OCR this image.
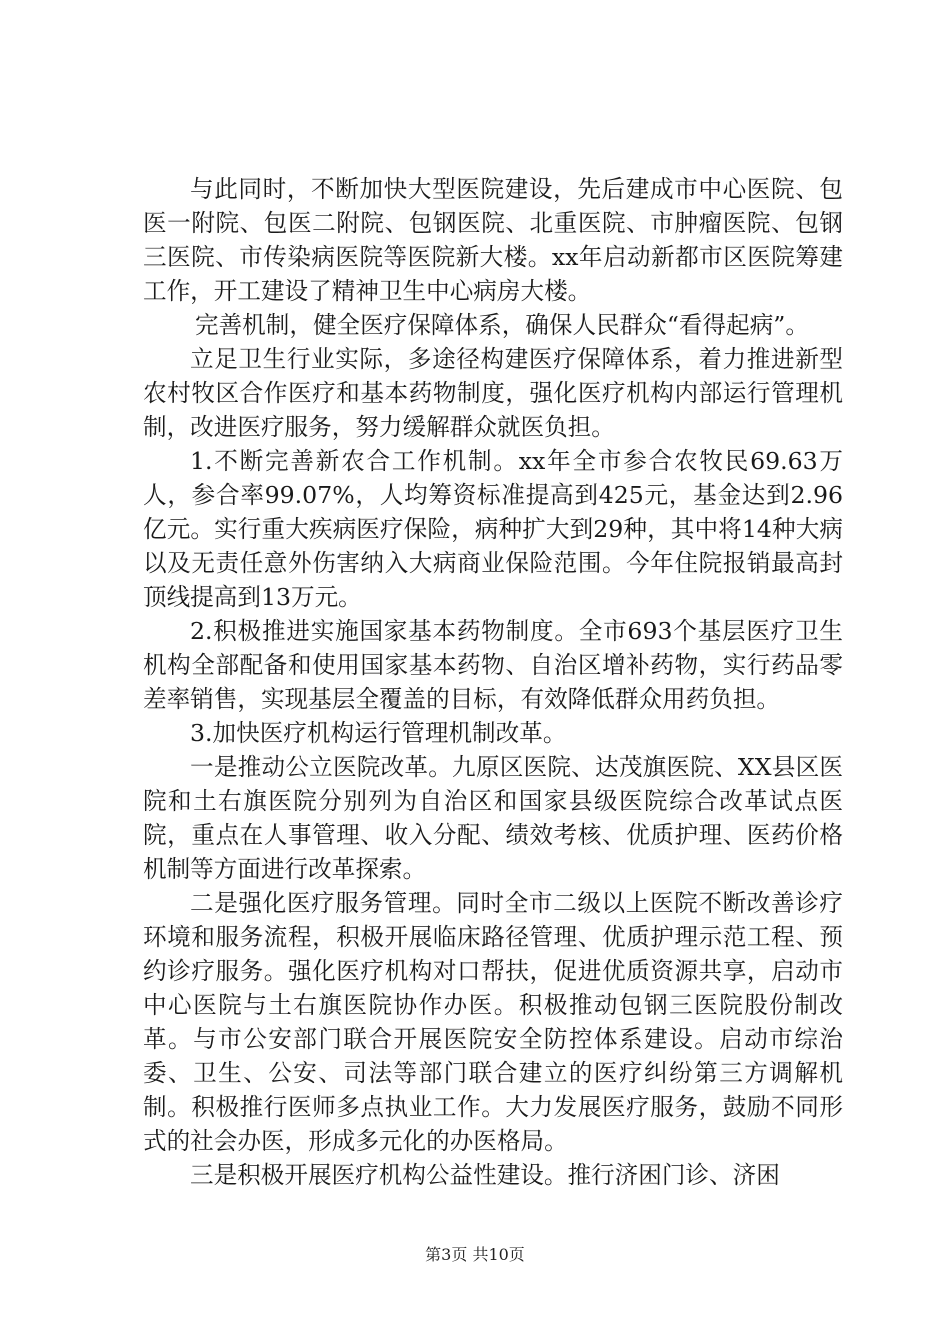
与此同时，不断加快大型医院建设，先后建成市中心医院、包医一附院、包医二附院、包钢医院、北重医院、市肿瘤医院、包钢三医院、市传染病医院等医院新大楼。xx年启动新都市区医院筹建工作，开工建设了精神卫生中心病房大楼。

完善机制，健全医疗保障体系，确保人民群众“看得起病”。

立足卫生行业实际，多途径构建医疗保障体系，着力推进新型农村牧区合作医疗和基本药物制度，强化医疗机构内部运行管理机制，改进医疗服务，努力缓解群众就医负担。

1.不断完善新农合工作机制。xx年全市参合农牧民69.63万人，参合率99.07%，人均筹资标准提高到425元，基金达到2.96亿元。实行重大疾病医疗保险，病种扩大到29种，其中将14种大病以及无责任意外伤害纳入大病商业保险范围。今年住院报销最高封顶线提高到13万元。

2.积极推进实施国家基本药物制度。全市693个基层医疗卫生机构全部配备和使用国家基本药物、自治区增补药物，实行药品零差率销售，实现基层全覆盖的目标，有效降低群众用药负担。

3.加快医疗机构运行管理机制改革。

一是推动公立医院改革。九原区医院、达茂旗医院、XX县区医院和土右旗医院分别列为自治区和国家县级医院综合改革试点医院，重点在人事管理、收入分配、绩效考核、优质护理、医药价格机制等方面进行改革探索。

二是强化医疗服务管理。同时全市二级以上医院不断改善诊疗环境和服务流程，积极开展临床路径管理、优质护理示范工程、预约诊疗服务。强化医疗机构对口帮扶，促进优质资源共享，启动市中心医院与土右旗医院协作办医。积极推动包钢三医院股份制改革。与市公安部门联合开展医院安全防控体系建设。启动市综治委、卫生、公安、司法等部门联合建立的医疗纠纷第三方调解机制。积极推行医师多点执业工作。大力发展医疗服务，鼓励不同形式的社会办医，形成多元化的办医格局。

三是积极开展医疗机构公益性建设。推行济困门诊、济困

第3页 共10页
